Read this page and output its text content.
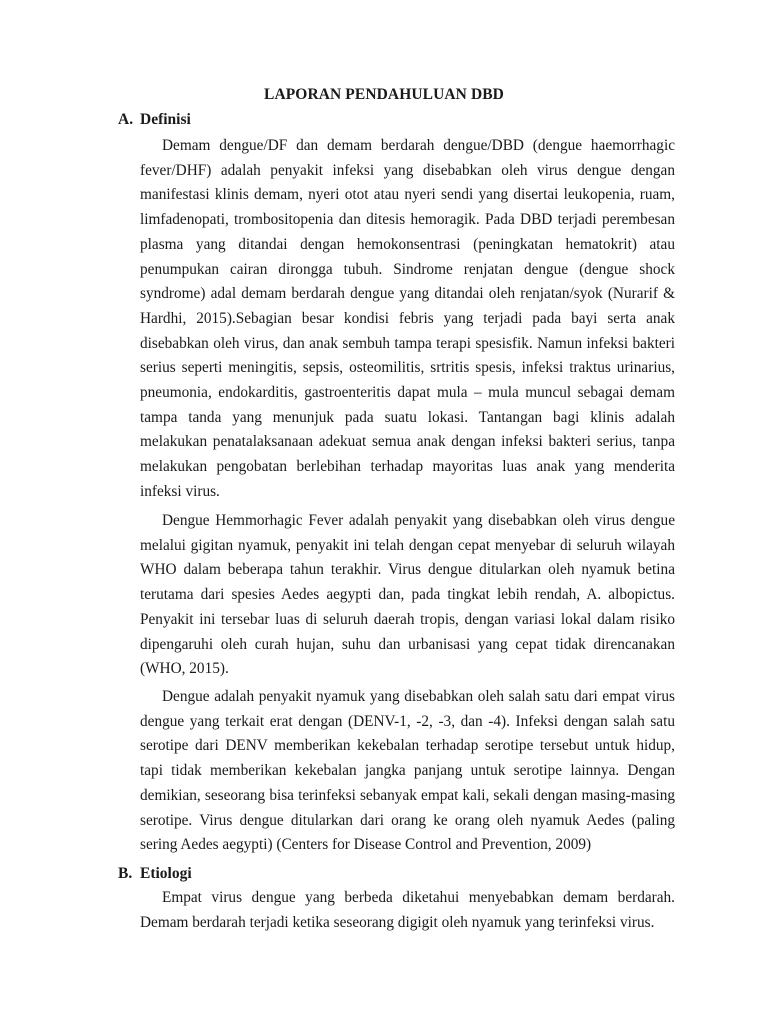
LAPORAN PENDAHULUAN DBD
A. Definisi

Demam dengue/DF dan demam berdarah dengue/DBD (dengue haemorrhagic fever/DHF) adalah penyakit infeksi yang disebabkan oleh virus dengue dengan manifestasi klinis demam, nyeri otot atau nyeri sendi yang disertai leukopenia, ruam, limfadenopati, trombositopenia dan ditesis hemoragik. Pada DBD terjadi perembesan plasma yang ditandai dengan hemokonsentrasi (peningkatan hematokrit) atau penumpukan cairan dirongga tubuh. Sindrome renjatan dengue (dengue shock syndrome) adal demam berdarah dengue yang ditandai oleh renjatan/syok (Nurarif & Hardhi, 2015).Sebagian besar kondisi febris yang terjadi pada bayi serta anak disebabkan oleh virus, dan anak sembuh tampa terapi spesisfik. Namun infeksi bakteri serius seperti meningitis, sepsis, osteomilitis, srtritis spesis, infeksi traktus urinarius, pneumonia, endokarditis, gastroenteritis dapat mula – mula muncul sebagai demam tampa tanda yang menunjuk pada suatu lokasi. Tantangan bagi klinis adalah melakukan penatalaksanaan adekuat semua anak dengan infeksi bakteri serius, tanpa melakukan pengobatan berlebihan terhadap mayoritas luas anak yang menderita infeksi virus.

Dengue Hemmorhagic Fever adalah penyakit yang disebabkan oleh virus dengue melalui gigitan nyamuk, penyakit ini telah dengan cepat menyebar di seluruh wilayah WHO dalam beberapa tahun terakhir. Virus dengue ditularkan oleh nyamuk betina terutama dari spesies Aedes aegypti dan, pada tingkat lebih rendah, A. albopictus. Penyakit ini tersebar luas di seluruh daerah tropis, dengan variasi lokal dalam risiko dipengaruhi oleh curah hujan, suhu dan urbanisasi yang cepat tidak direncanakan (WHO, 2015).

Dengue adalah penyakit nyamuk yang disebabkan oleh salah satu dari empat virus dengue yang terkait erat dengan (DENV-1, -2, -3, dan -4). Infeksi dengan salah satu serotipe dari DENV memberikan kekebalan terhadap serotipe tersebut untuk hidup, tapi tidak memberikan kekebalan jangka panjang untuk serotipe lainnya. Dengan demikian, seseorang bisa terinfeksi sebanyak empat kali, sekali dengan masing-masing serotipe. Virus dengue ditularkan dari orang ke orang oleh nyamuk Aedes (paling sering Aedes aegypti) (Centers for Disease Control and Prevention, 2009)

B. Etiologi

Empat virus dengue yang berbeda diketahui menyebabkan demam berdarah. Demam berdarah terjadi ketika seseorang digigit oleh nyamuk yang terinfeksi virus.
